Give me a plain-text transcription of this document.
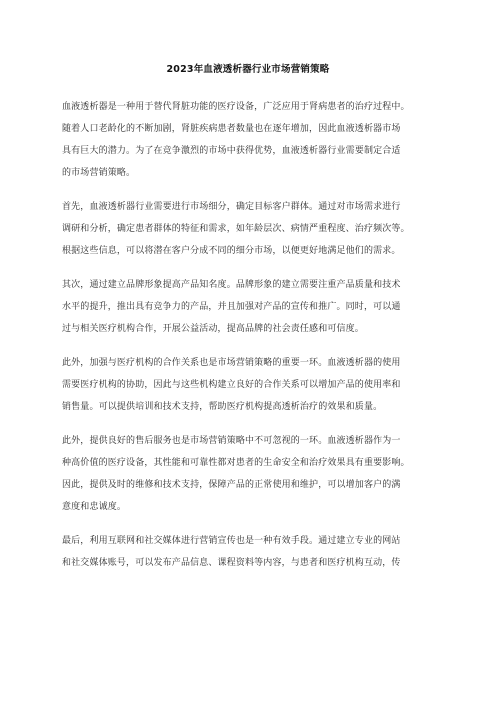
2023年血液透析器行业市场营销策略
血液透析器是一种用于替代肾脏功能的医疗设备，广泛应用于肾病患者的治疗过程中。
随着人口老龄化的不断加剧，肾脏疾病患者数量也在逐年增加，因此血液透析器市场
具有巨大的潜力。为了在竞争激烈的市场中获得优势，血液透析器行业需要制定合适
的市场营销策略。
首先，血液透析器行业需要进行市场细分，确定目标客户群体。通过对市场需求进行
调研和分析，确定患者群体的特征和需求，如年龄层次、病情严重程度、治疗频次等。
根据这些信息，可以将潜在客户分成不同的细分市场，以便更好地满足他们的需求。
其次，通过建立品牌形象提高产品知名度。品牌形象的建立需要注重产品质量和技术
水平的提升，推出具有竞争力的产品，并且加强对产品的宣传和推广。同时，可以通
过与相关医疗机构合作，开展公益活动，提高品牌的社会责任感和可信度。
此外，加强与医疗机构的合作关系也是市场营销策略的重要一环。血液透析器的使用
需要医疗机构的协助，因此与这些机构建立良好的合作关系可以增加产品的使用率和
销售量。可以提供培训和技术支持，帮助医疗机构提高透析治疗的效果和质量。
此外，提供良好的售后服务也是市场营销策略中不可忽视的一环。血液透析器作为一
种高价值的医疗设备，其性能和可靠性都对患者的生命安全和治疗效果具有重要影响。
因此，提供及时的维修和技术支持，保障产品的正常使用和维护，可以增加客户的满
意度和忠诚度。
最后，利用互联网和社交媒体进行营销宣传也是一种有效手段。通过建立专业的网站
和社交媒体账号，可以发布产品信息、课程资料等内容，与患者和医疗机构互动，传
